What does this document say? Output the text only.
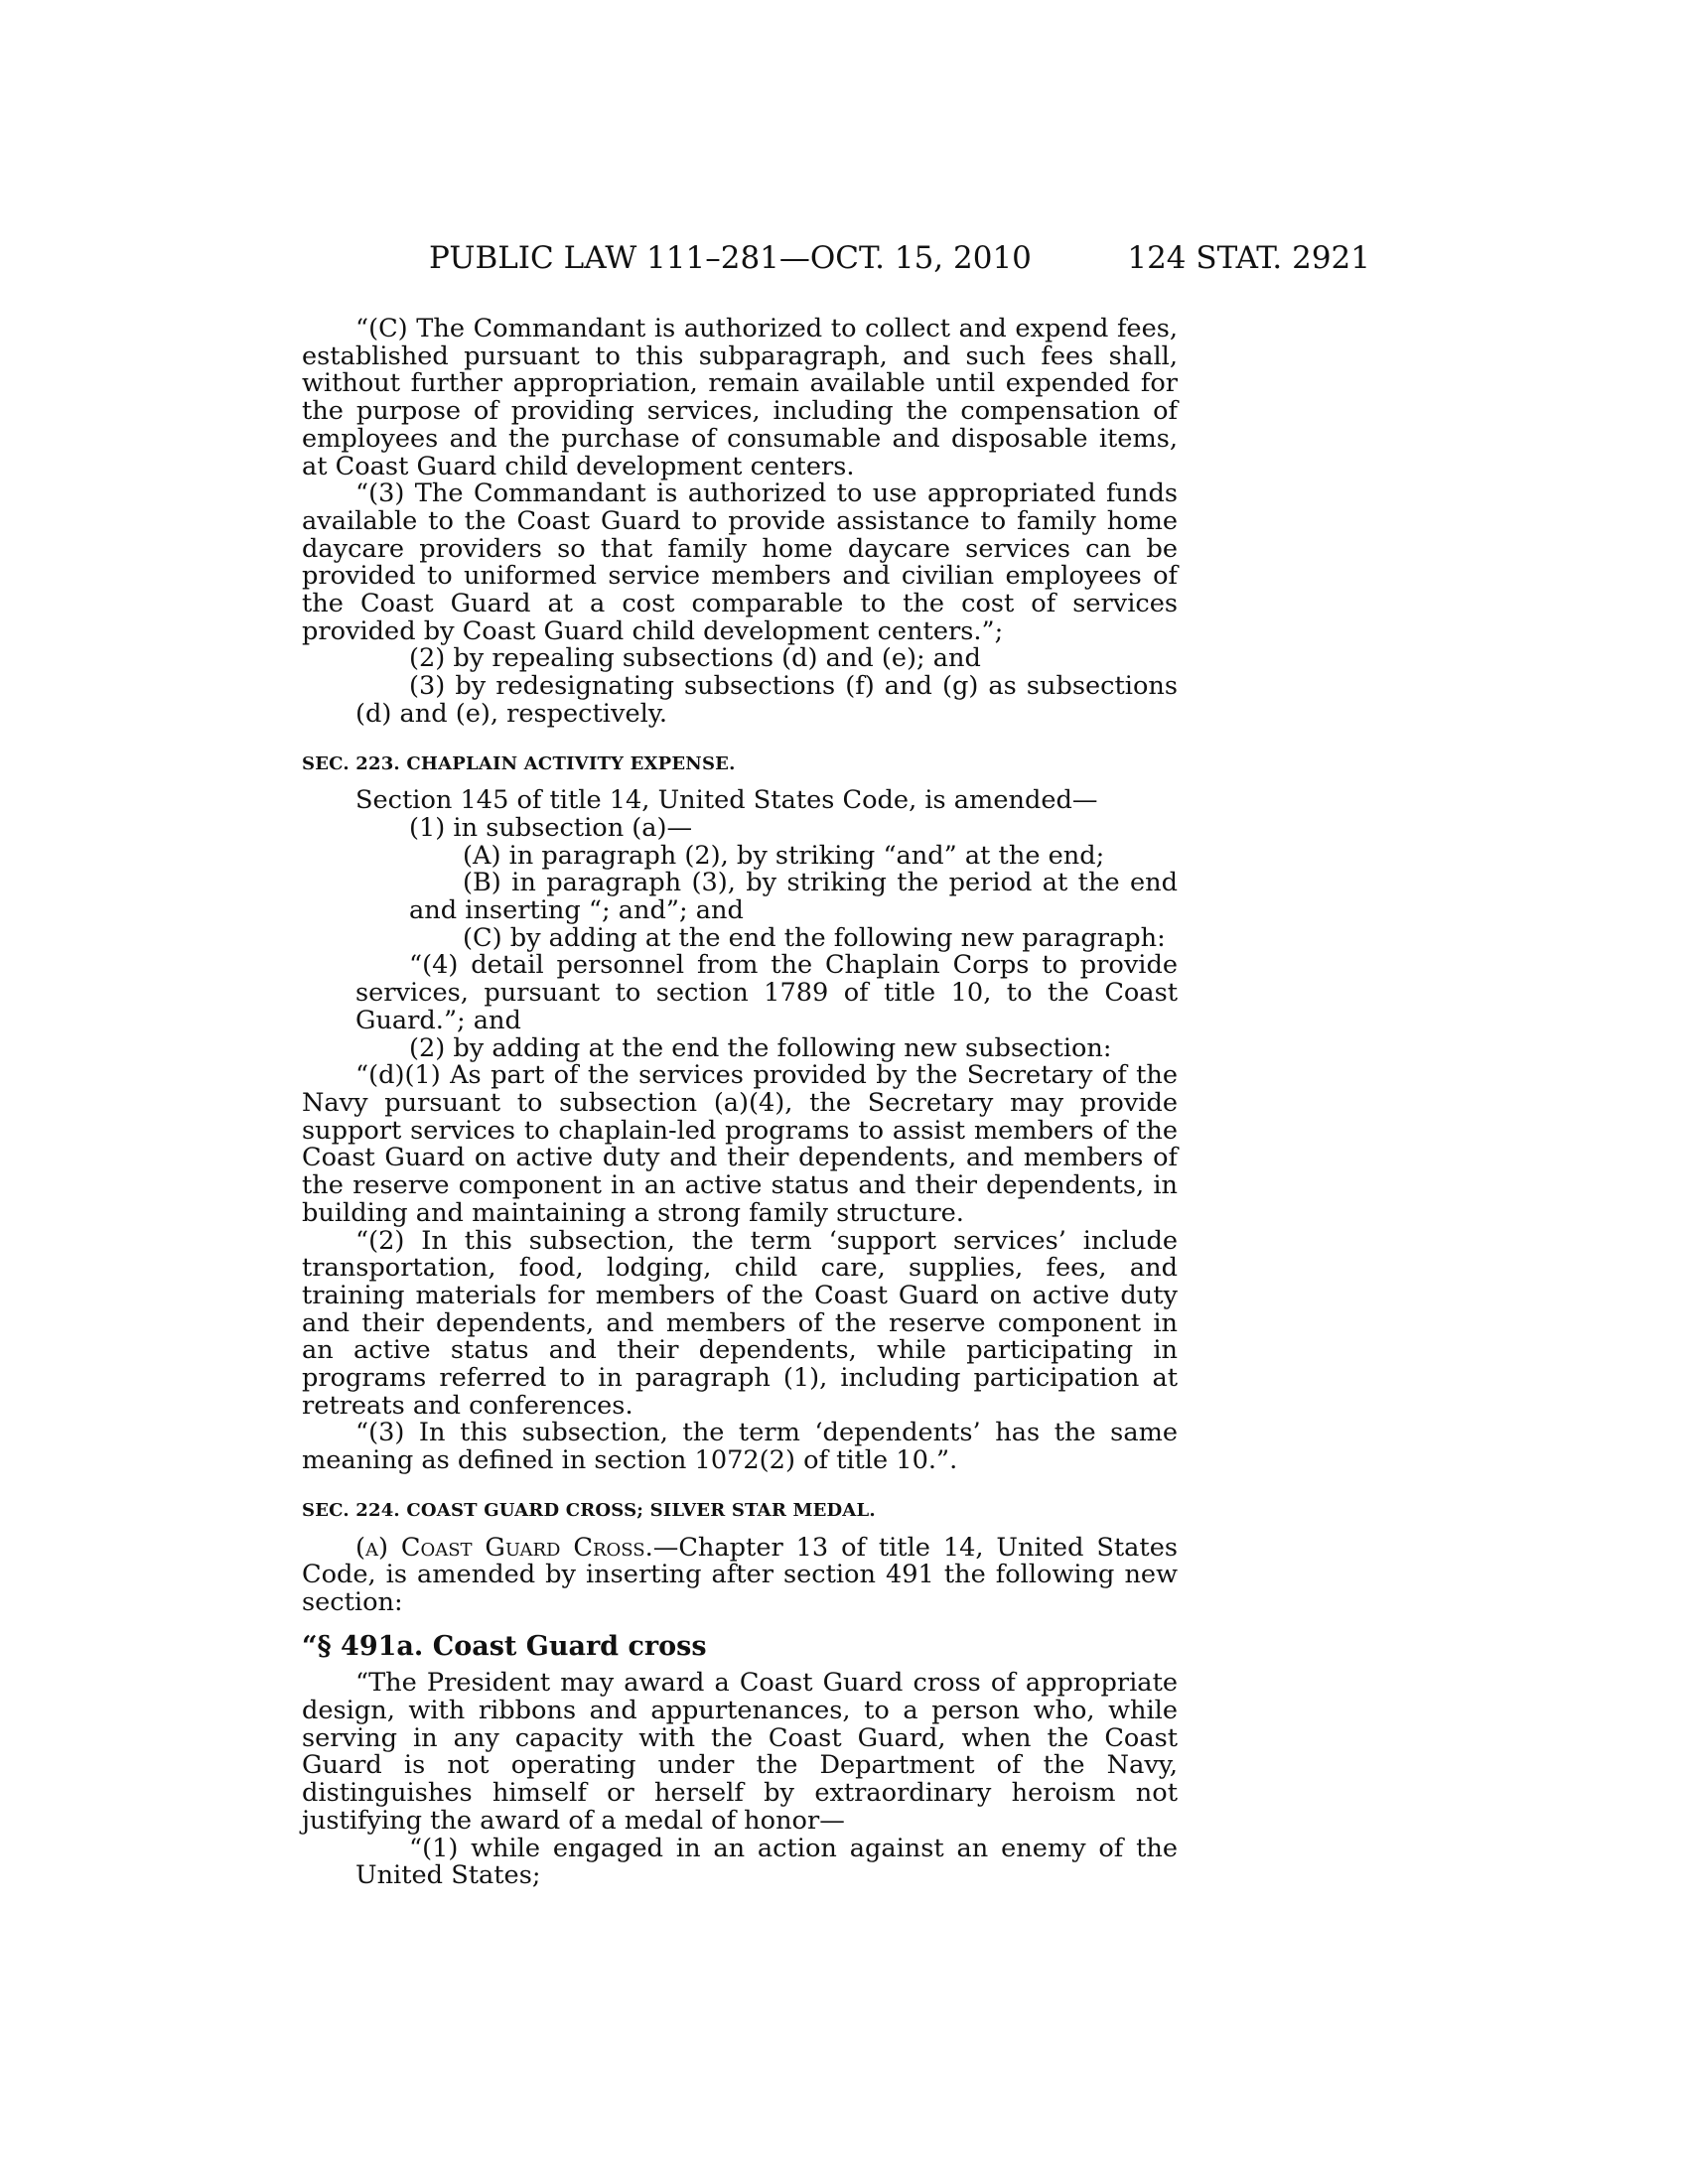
PUBLIC LAW 111–281—OCT. 15, 2010	124 STAT. 2921

“(C) The Commandant is authorized to collect and expend fees, established pursuant to this subparagraph, and such fees shall, without further appropriation, remain available until expended for the purpose of providing services, including the compensation of employees and the purchase of consumable and disposable items, at Coast Guard child development centers.

“(3) The Commandant is authorized to use appropriated funds available to the Coast Guard to provide assistance to family home daycare providers so that family home daycare services can be provided to uniformed service members and civilian employees of the Coast Guard at a cost comparable to the cost of services provided by Coast Guard child development centers.”;

(2) by repealing subsections (d) and (e); and

(3) by redesignating subsections (f) and (g) as subsections (d) and (e), respectively.

SEC. 223. CHAPLAIN ACTIVITY EXPENSE.

Section 145 of title 14, United States Code, is amended—

(1) in subsection (a)—

(A) in paragraph (2), by striking “and” at the end;

(B) in paragraph (3), by striking the period at the end and inserting “; and”; and

(C) by adding at the end the following new paragraph:

“(4) detail personnel from the Chaplain Corps to provide services, pursuant to section 1789 of title 10, to the Coast Guard.”; and

(2) by adding at the end the following new subsection:

“(d)(1) As part of the services provided by the Secretary of the Navy pursuant to subsection (a)(4), the Secretary may provide support services to chaplain-led programs to assist members of the Coast Guard on active duty and their dependents, and members of the reserve component in an active status and their dependents, in building and maintaining a strong family structure.

“(2) In this subsection, the term ‘support services’ include transportation, food, lodging, child care, supplies, fees, and training materials for members of the Coast Guard on active duty and their dependents, and members of the reserve component in an active status and their dependents, while participating in programs referred to in paragraph (1), including participation at retreats and conferences.

“(3) In this subsection, the term ‘dependents’ has the same meaning as defined in section 1072(2) of title 10.”.

SEC. 224. COAST GUARD CROSS; SILVER STAR MEDAL.

(a) Coast Guard Cross.—Chapter 13 of title 14, United States Code, is amended by inserting after section 491 the following new section:

“§ 491a. Coast Guard cross

“The President may award a Coast Guard cross of appropriate design, with ribbons and appurtenances, to a person who, while serving in any capacity with the Coast Guard, when the Coast Guard is not operating under the Department of the Navy, distinguishes himself or herself by extraordinary heroism not justifying the award of a medal of honor—

“(1) while engaged in an action against an enemy of the United States;
